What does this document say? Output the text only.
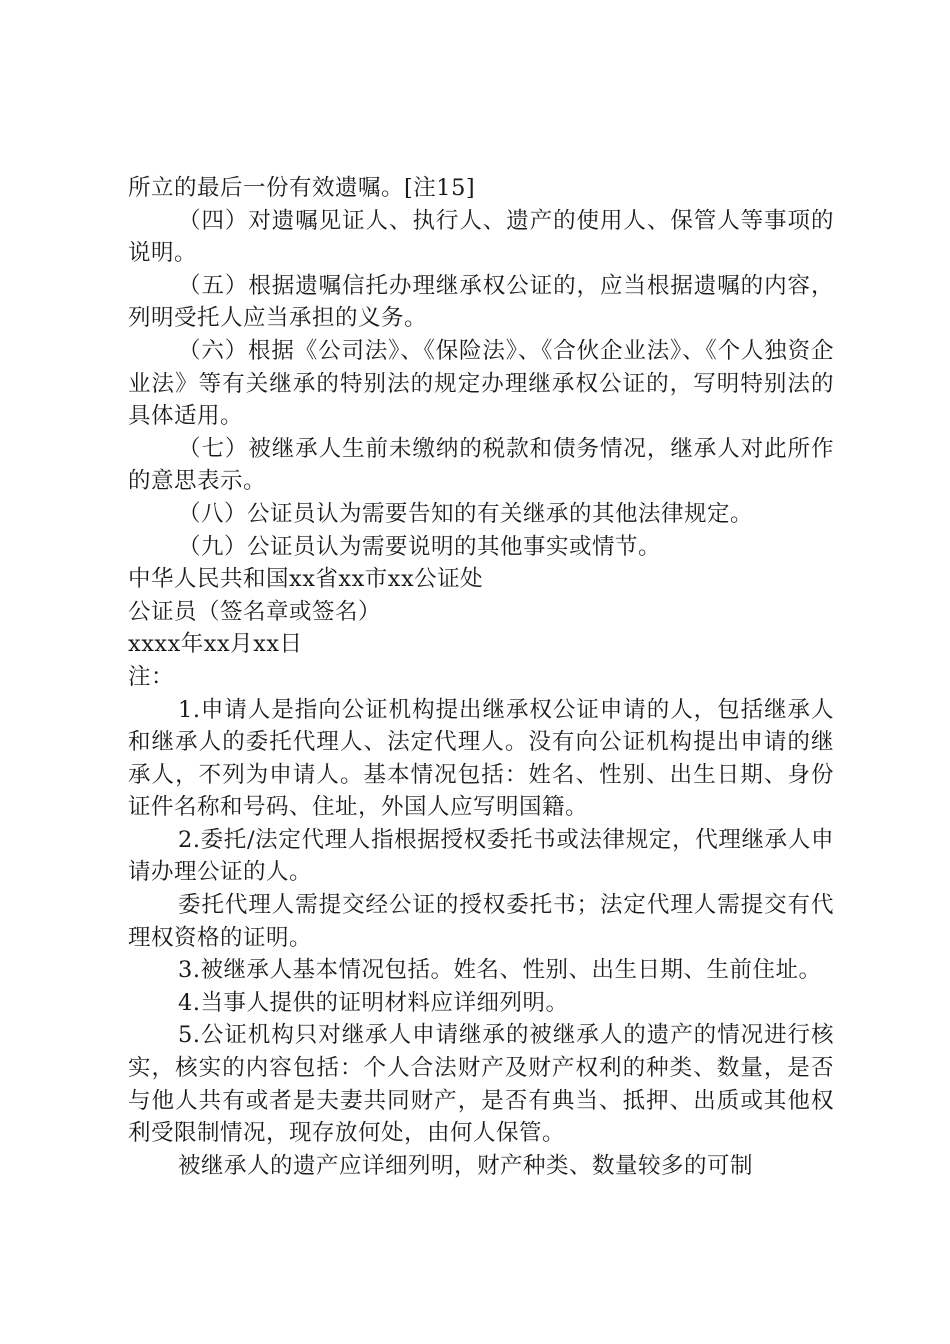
所立的最后一份有效遗嘱。[注15]

（四）对遗嘱见证人、执行人、遗产的使用人、保管人等事项的说明。

（五）根据遗嘱信托办理继承权公证的，应当根据遗嘱的内容，列明受托人应当承担的义务。

（六）根据《公司法》、《保险法》、《合伙企业法》、《个人独资企业法》等有关继承的特别法的规定办理继承权公证的，写明特别法的具体适用。

（七）被继承人生前未缴纳的税款和债务情况，继承人对此所作的意思表示。

（八）公证员认为需要告知的有关继承的其他法律规定。

（九）公证员认为需要说明的其他事实或情节。

中华人民共和国xx省xx市xx公证处

公证员（签名章或签名）

xxxx年xx月xx日

注：

1.申请人是指向公证机构提出继承权公证申请的人，包括继承人和继承人的委托代理人、法定代理人。没有向公证机构提出申请的继承人，不列为申请人。基本情况包括：姓名、性别、出生日期、身份证件名称和号码、住址，外国人应写明国籍。

2.委托/法定代理人指根据授权委托书或法律规定，代理继承人申请办理公证的人。

委托代理人需提交经公证的授权委托书；法定代理人需提交有代理权资格的证明。

3.被继承人基本情况包括。姓名、性别、出生日期、生前住址。

4.当事人提供的证明材料应详细列明。

5.公证机构只对继承人申请继承的被继承人的遗产的情况进行核实，核实的内容包括：个人合法财产及财产权利的种类、数量，是否与他人共有或者是夫妻共同财产，是否有典当、抵押、出质或其他权利受限制情况，现存放何处，由何人保管。

被继承人的遗产应详细列明，财产种类、数量较多的可制
